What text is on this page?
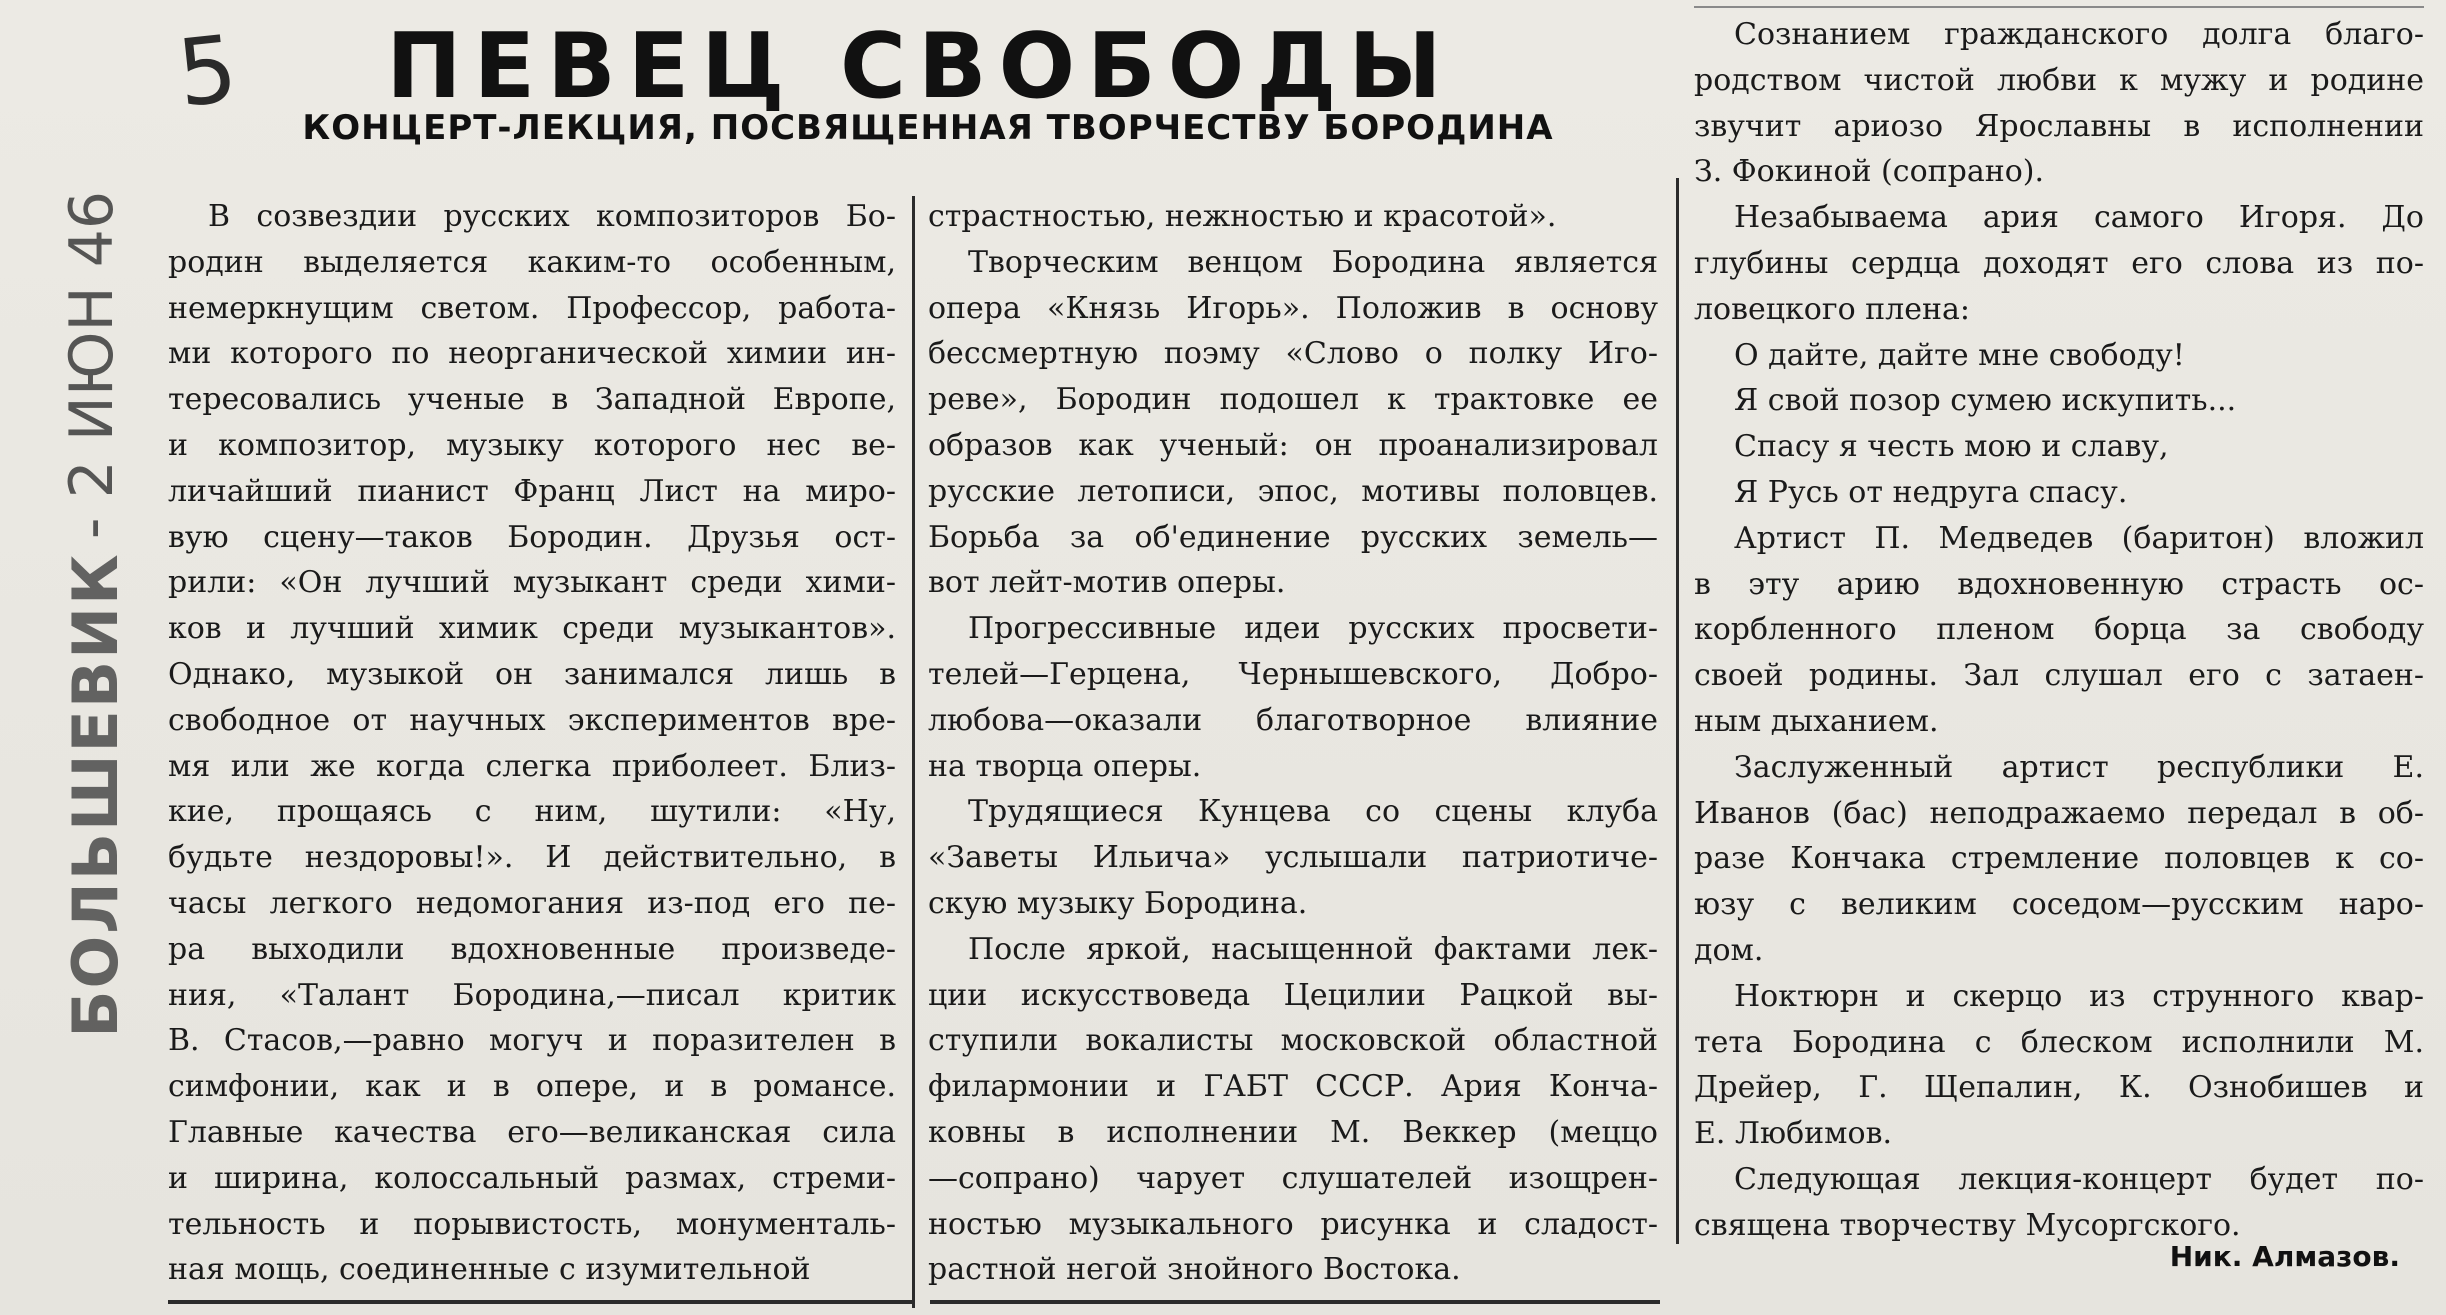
5
- 2 ИЮН 46
БОЛЬШЕВИК
ПЕВЕЦ СВОБОДЫ
КОНЦЕРТ-ЛЕКЦИЯ, ПОСВЯЩЕННАЯ ТВОРЧЕСТВУ БОРОДИНА
В созвездии русских композиторов Бо-
родин выделяется каким-то особенным,
немеркнущим светом. Профессор, работа-
ми которого по неорганической химии ин-
тересовались ученые в Западной Европе,
и композитор, музыку которого нес ве-
личайший пианист Франц Лист на миро-
вую сцену—таков Бородин. Друзья ост-
рили: «Он лучший музыкант среди хими-
ков и лучший химик среди музыкантов».
Однако, музыкой он занимался лишь в
свободное от научных экспериментов вре-
мя или же когда слегка приболеет. Близ-
кие, прощаясь с ним, шутили: «Ну,
будьте нездоровы!». И действительно, в
часы легкого недомогания из-под его пе-
ра выходили вдохновенные произведе-
ния, «Талант Бородина,—писал критик
В. Стасов,—равно могуч и поразителен в
симфонии, как и в опере, и в романсе.
Главные качества его—великанская сила
и ширина, колоссальный размах, стреми-
тельность и порывистость, монументаль-
ная мощь, соединенные с изумительной
страстностью, нежностью и красотой».
Творческим венцом Бородина является
опера «Князь Игорь». Положив в основу
бессмертную поэму «Слово о полку Иго-
реве», Бородин подошел к трактовке ее
образов как ученый: он проанализировал
русские летописи, эпос, мотивы половцев.
Борьба за об'единение русских земель—
вот лейт-мотив оперы.
Прогрессивные идеи русских просвети-
телей—Герцена, Чернышевского, Добро-
любова—оказали благотворное влияние
на творца оперы.
Трудящиеся Кунцева со сцены клуба
«Заветы Ильича» услышали патриотиче-
скую музыку Бородина.
После яркой, насыщенной фактами лек-
ции искусствоведа Цецилии Рацкой вы-
ступили вокалисты московской областной
филармонии и ГАБТ СССР. Ария Конча-
ковны в исполнении М. Веккер (меццо
—сопрано) чарует слушателей изощрен-
ностью музыкального рисунка и сладост-
растной негой знойного Востока.
Сознанием гражданского долга благо-
родством чистой любви к мужу и родине
звучит ариозо Ярославны в исполнении
З. Фокиной (сопрано).
Незабываема ария самого Игоря. До
глубины сердца доходят его слова из по-
ловецкого плена:
О дайте, дайте мне свободу!
Я свой позор сумею искупить...
Спасу я честь мою и славу,
Я Русь от недруга спасу.
Артист П. Медведев (баритон) вложил
в эту арию вдохновенную страсть ос-
корбленного пленом борца за свободу
своей родины. Зал слушал его с затаен-
ным дыханием.
Заслуженный артист республики Е.
Иванов (бас) неподражаемо передал в об-
разе Кончака стремление половцев к со-
юзу с великим соседом—русским наро-
дом.
Ноктюрн и скерцо из струнного квар-
тета Бородина с блеском исполнили М.
Дрейер, Г. Щепалин, К. Ознобишев и
Е. Любимов.
Следующая лекция-концерт будет по-
священа творчеству Мусоргского.
Ник. Алмазов.
